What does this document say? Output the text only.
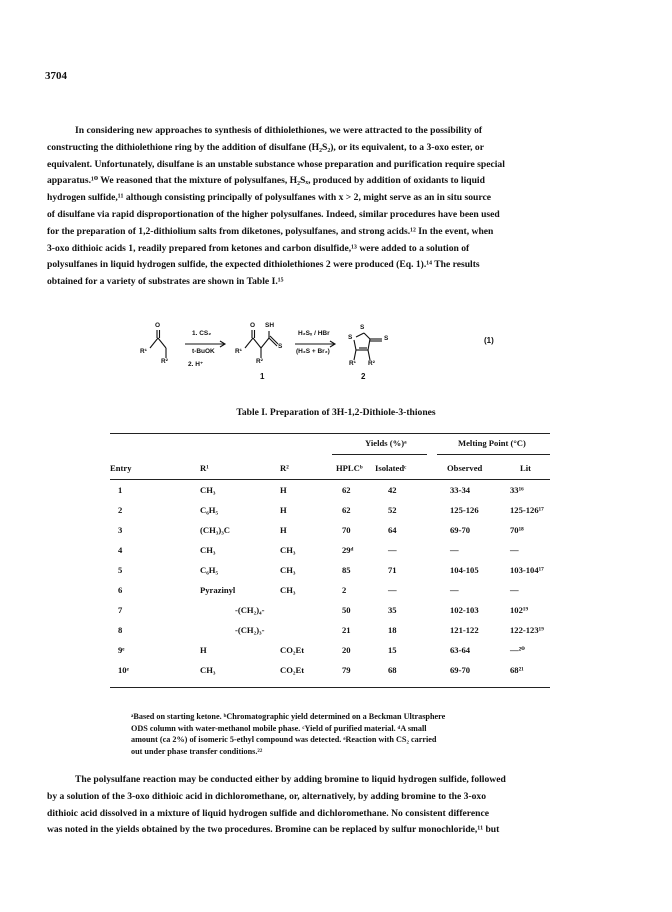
3704
In considering new approaches to synthesis of dithiolethiones, we were attracted to the possibility of
constructing the dithiolethione ring by the addition of disulfane (H₂S₂), or its equivalent, to a 3-oxo ester, or
equivalent. Unfortunately, disulfane is an unstable substance whose preparation and purification require special
apparatus.¹⁰ We reasoned that the mixture of polysulfanes, H₂Sₓ, produced by addition of oxidants to liquid
hydrogen sulfide,¹¹ although consisting principally of polysulfanes with x > 2, might serve as an in situ source
of disulfane via rapid disproportionation of the higher polysulfanes. Indeed, similar procedures have been used
for the preparation of 1,2-dithiolium salts from diketones, polysulfanes, and strong acids.¹² In the event, when
3-oxo dithioic acids 1, readily prepared from ketones and carbon disulfide,¹³ were added to a solution of
polysulfanes in liquid hydrogen sulfide, the expected dithiolethiones 2 were produced (Eq. 1).¹⁴ The results
obtained for a variety of substrates are shown in Table I.¹⁵
O
R¹
R²
1. CS₂
t-BuOK
2. H⁺
O SH
S
R¹
R²
1
H₂Sₓ / HBr
(H₂S + Br₂)
S
S	S
R¹ R²
2
(1)
Table I. Preparation of 3H-1,2-Dithiole-3-thiones
Yields (%)ᵃ	Melting Point (°C)
Entry	R¹	R²	HPLCᵇ Isolatedᶜ	Observed	Lit
1	CH₃	H	62	42	33-34	33¹⁶
2	C₆H₅	H	62	52	125-126	125-126¹⁷
3	(CH₃)₃C	H	70	64	69-70	70¹⁸
4	CH₃	CH₃	29ᵈ	—	—	—
5	C₆H₅	CH₃	85	71	104-105	103-104¹⁷
6	Pyrazinyl	CH₃	2	—	—	—
7	-(CH₂)₄-	50	35	102-103	102¹⁹
8	-(CH₂)₃-	21	18	121-122	122-123¹⁹
9ᵉ	H	CO₂Et	20	15	63-64	—²⁰
10ᵉ	CH₃	CO₂Et	79	68	69-70	68²¹
ᵃBased on starting ketone. ᵇChromatographic yield determined on a Beckman Ultrasphere
ODS column with water-methanol mobile phase. ᶜYield of purified material. ᵈA small
amount (ca 2%) of isomeric 5-ethyl compound was detected. ᵉReaction with CS₂ carried
out under phase transfer conditions.²²
The polysulfane reaction may be conducted either by adding bromine to liquid hydrogen sulfide, followed
by a solution of the 3-oxo dithioic acid in dichloromethane, or, alternatively, by adding bromine to the 3-oxo
dithioic acid dissolved in a mixture of liquid hydrogen sulfide and dichloromethane. No consistent difference
was noted in the yields obtained by the two procedures. Bromine can be replaced by sulfur monochloride,¹¹ but
